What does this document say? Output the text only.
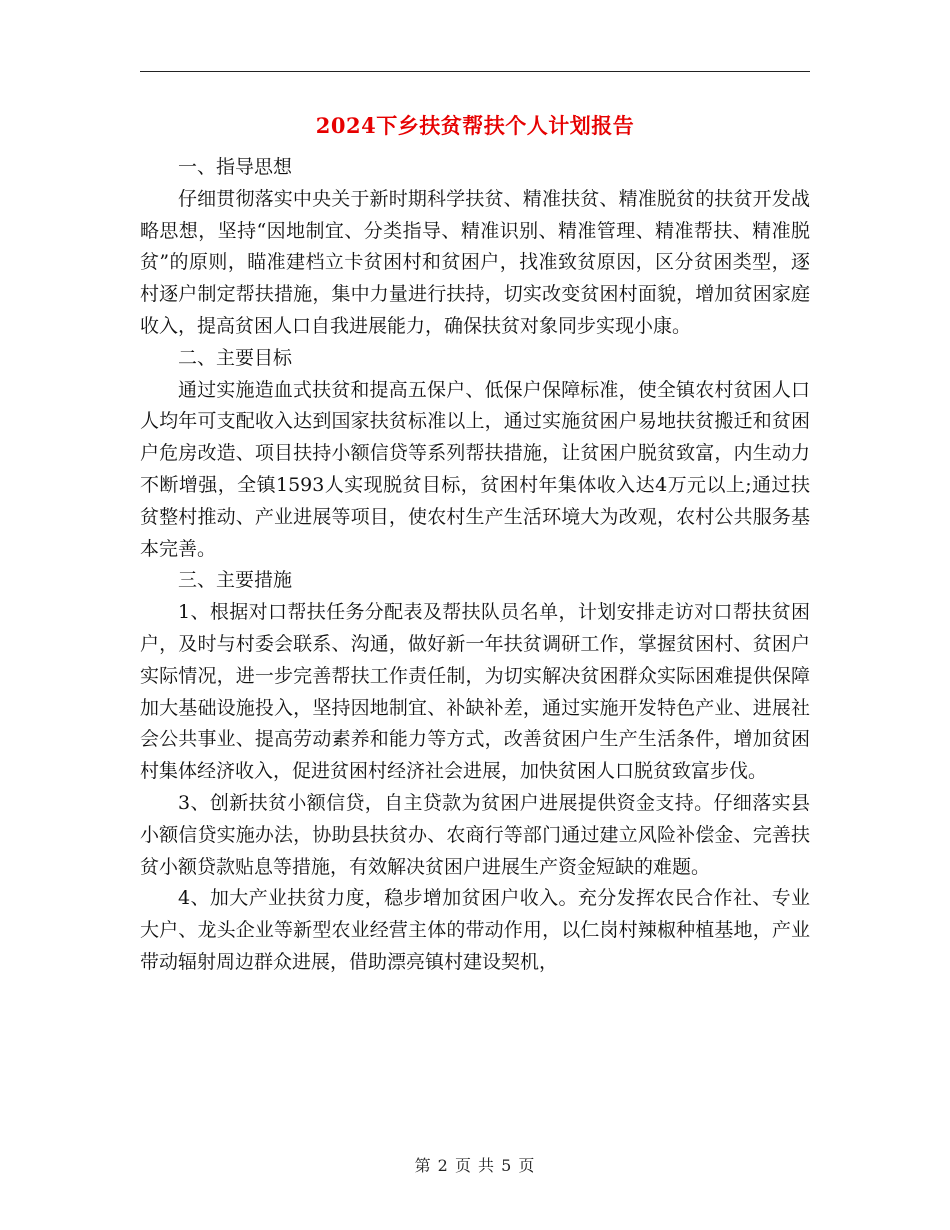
2024下乡扶贫帮扶个人计划报告

一、指导思想

仔细贯彻落实中央关于新时期科学扶贫、精准扶贫、精准脱贫的扶贫开发战略思想，坚持“因地制宜、分类指导、精准识别、精准管理、精准帮扶、精准脱贫”的原则，瞄准建档立卡贫困村和贫困户，找准致贫原因，区分贫困类型，逐村逐户制定帮扶措施，集中力量进行扶持，切实改变贫困村面貌，增加贫困家庭收入，提高贫困人口自我进展能力，确保扶贫对象同步实现小康。

二、主要目标

通过实施造血式扶贫和提高五保户、低保户保障标准，使全镇农村贫困人口人均年可支配收入达到国家扶贫标准以上，通过实施贫困户易地扶贫搬迁和贫困户危房改造、项目扶持小额信贷等系列帮扶措施，让贫困户脱贫致富，内生动力不断增强，全镇1593人实现脱贫目标，贫困村年集体收入达4万元以上;通过扶贫整村推动、产业进展等项目，使农村生产生活环境大为改观，农村公共服务基本完善。

三、主要措施

1、根据对口帮扶任务分配表及帮扶队员名单，计划安排走访对口帮扶贫困户，及时与村委会联系、沟通，做好新一年扶贫调研工作，掌握贫困村、贫困户实际情况，进一步完善帮扶工作责任制，为切实解决贫困群众实际困难提供保障加大基础设施投入，坚持因地制宜、补缺补差，通过实施开发特色产业、进展社会公共事业、提高劳动素养和能力等方式，改善贫困户生产生活条件，增加贫困村集体经济收入，促进贫困村经济社会进展，加快贫困人口脱贫致富步伐。

3、创新扶贫小额信贷，自主贷款为贫困户进展提供资金支持。仔细落实县小额信贷实施办法，协助县扶贫办、农商行等部门通过建立风险补偿金、完善扶贫小额贷款贴息等措施，有效解决贫困户进展生产资金短缺的难题。

4、加大产业扶贫力度，稳步增加贫困户收入。充分发挥农民合作社、专业大户、龙头企业等新型农业经营主体的带动作用，以仁岗村辣椒种植基地，产业带动辐射周边群众进展，借助漂亮镇村建设契机，

第 2 页 共 5 页
